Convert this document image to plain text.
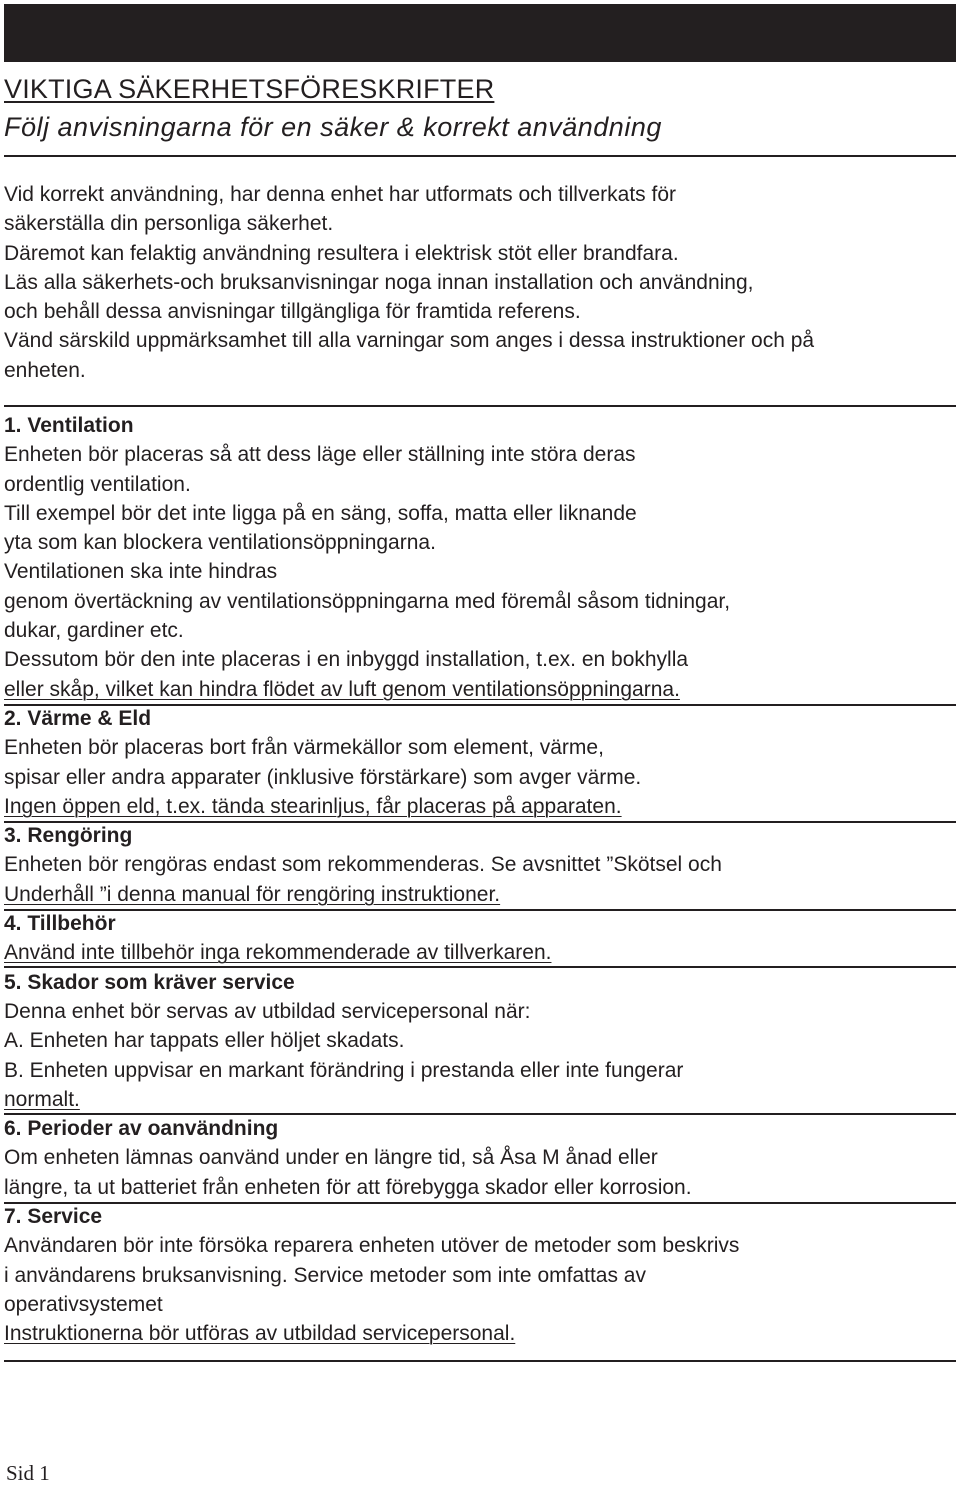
VIKTIGA SÄKERHETSFÖRESKRIFTER

Följ anvisningarna för en säker & korrekt användning

Vid korrekt användning, har denna enhet har utformats och tillverkats för

säkerställa din personliga säkerhet.

Däremot kan felaktig användning resultera i elektrisk stöt eller brandfara.

Läs alla säkerhets-och bruksanvisningar noga innan installation och användning,

och behåll dessa anvisningar tillgängliga för framtida referens.

Vänd särskild uppmärksamhet till alla varningar som anges i dessa instruktioner och på

enheten.

1. Ventilation

Enheten bör placeras så att dess läge eller ställning inte störa deras

ordentlig ventilation.

Till exempel bör det inte ligga på en säng, soffa, matta eller liknande

yta som kan blockera ventilationsöppningarna.

Ventilationen ska inte hindras

genom övertäckning av ventilationsöppningarna med föremål såsom tidningar,

dukar, gardiner etc.

Dessutom bör den inte placeras i en inbyggd installation, t.ex. en bokhylla

eller skåp, vilket kan hindra flödet av luft genom ventilationsöppningarna.

2. Värme & Eld

Enheten bör placeras bort från värmekällor som element, värme,

spisar eller andra apparater (inklusive förstärkare) som avger värme.

Ingen öppen eld, t.ex. tända stearinljus, får placeras på apparaten.

3. Rengöring

Enheten bör rengöras endast som rekommenderas. Se avsnittet ”Skötsel och

Underhåll ”i denna manual för rengöring instruktioner.

4. Tillbehör

Använd inte tillbehör inga rekommenderade av tillverkaren.

5. Skador som kräver service

Denna enhet bör servas av utbildad servicepersonal när:

A. Enheten har tappats eller höljet skadats.

B. Enheten uppvisar en markant förändring i prestanda eller inte fungerar

normalt.

6. Perioder av oanvändning

Om enheten lämnas oanvänd under en längre tid, så Åsa M ånad eller

längre, ta ut batteriet från enheten för att förebygga skador eller korrosion.

7. Service

Användaren bör inte försöka reparera enheten utöver de metoder som beskrivs

i användarens bruksanvisning. Service metoder som inte omfattas av

operativsystemet

Instruktionerna bör utföras av utbildad servicepersonal.

Sid 1
